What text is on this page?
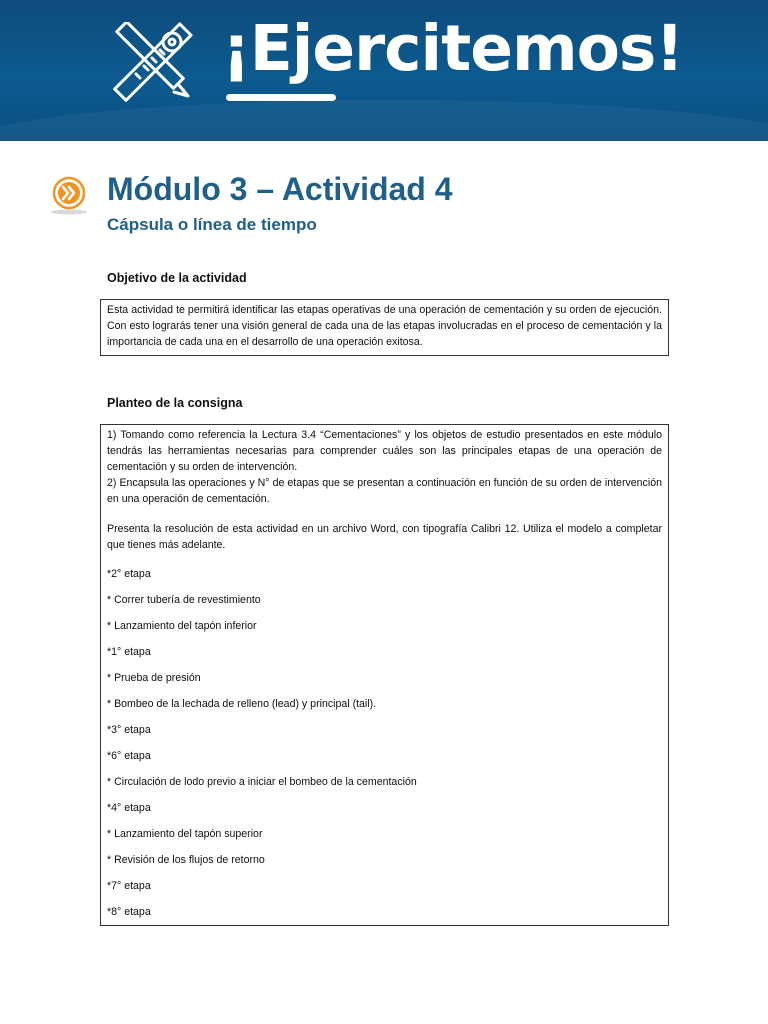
¡Ejercitemos!
Módulo 3 – Actividad 4
Cápsula o línea de tiempo
Objetivo de la actividad

Esta actividad te permitirá identificar las etapas operativas de una operación de cementación y su orden de ejecución. Con esto lograrás tener una visión general de cada una de las etapas involucradas en el proceso de cementación y la importancia de cada una en el desarrollo de una operación exitosa.

Planteo de la consigna

1) Tomando como referencia la Lectura 3.4 “Cementaciones” y los objetos de estudio presentados en este módulo tendrás las herramientas necesarias para comprender cuáles son las principales etapas de una operación de cementación y su orden de intervención.

2) Encapsula las operaciones y N° de etapas que se presentan a continuación en función de su orden de intervención en una operación de cementación.

Presenta la resolución de esta actividad en un archivo Word, con tipografía Calibri 12. Utiliza el modelo a completar que tienes más adelante.

*2° etapa
* Correr tubería de revestimiento
* Lanzamiento del tapón inferior
*1° etapa
* Prueba de presión
* Bombeo de la lechada de relleno (lead) y principal (tail).
*3° etapa
*6° etapa
* Circulación de lodo previo a iniciar el bombeo de la cementación
*4° etapa
* Lanzamiento del tapón superior
* Revisión de los flujos de retorno
*7° etapa
*8° etapa
